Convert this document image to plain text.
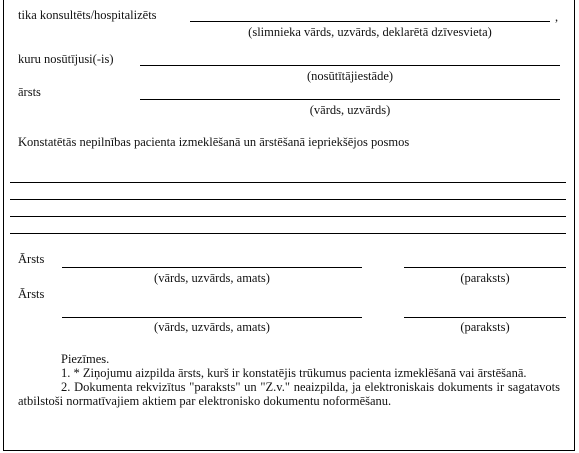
tika konsultēts/hospitalizēts	,
(slimnieka vārds, uzvārds, deklarētā dzīvesvieta)
kuru nosūtījusi(-is)
(nosūtītājiestāde)
ārsts
(vārds, uzvārds)
Konstatētās nepilnības pacienta izmeklēšanā un ārstēšanā iepriekšējos posmos
Ārsts
(vārds, uzvārds, amats)	(paraksts)
Ārsts
(vārds, uzvārds, amats)	(paraksts)

Piezīmes.

1. * Ziņojumu aizpilda ārsts, kurš ir konstatējis trūkumus pacienta izmeklēšanā vai ārstēšanā.

2. Dokumenta rekvizītus "paraksts" un "Z.v." neaizpilda, ja elektroniskais dokuments ir sagatavots atbilstoši normatīvajiem aktiem par elektronisko dokumentu noformēšanu.
